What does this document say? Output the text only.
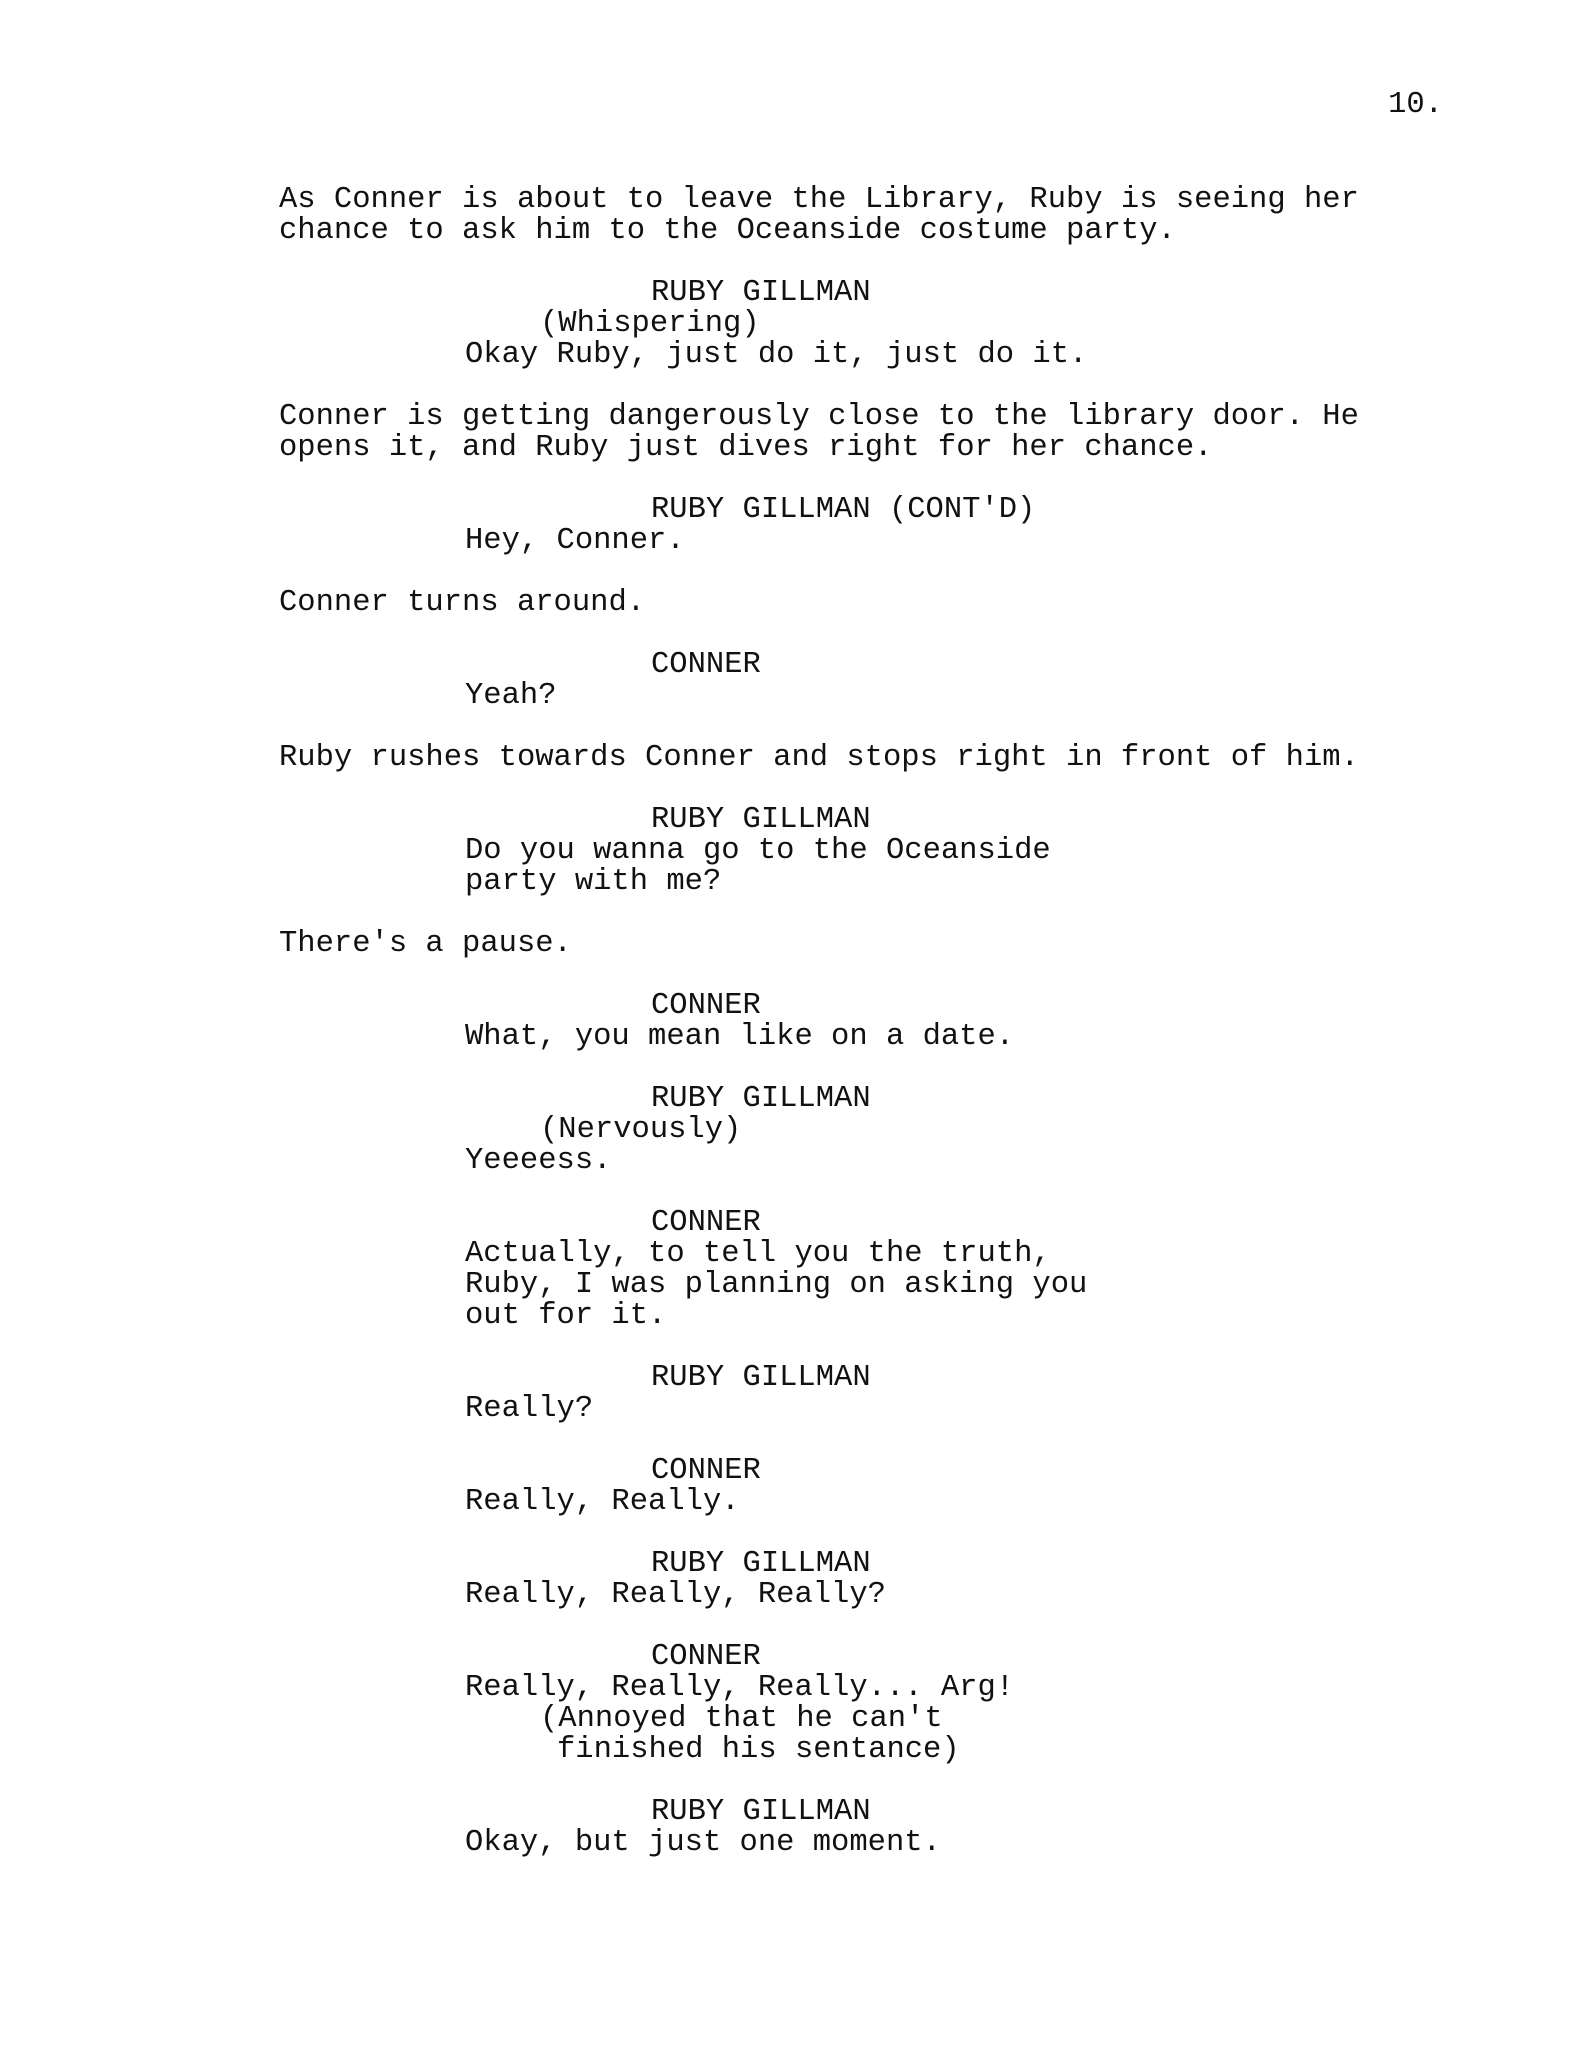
10.
As Conner is about to leave the Library, Ruby is seeing her
chance to ask him to the Oceanside costume party.
RUBY GILLMAN
(Whispering)
Okay Ruby, just do it, just do it.
Conner is getting dangerously close to the library door. He
opens it, and Ruby just dives right for her chance.
RUBY GILLMAN (CONT'D)
Hey, Conner.
Conner turns around.
CONNER
Yeah?
Ruby rushes towards Conner and stops right in front of him.
RUBY GILLMAN
Do you wanna go to the Oceanside
party with me?
There's a pause.
CONNER
What, you mean like on a date.
RUBY GILLMAN
(Nervously)
Yeeeess.
CONNER
Actually, to tell you the truth,
Ruby, I was planning on asking you
out for it.
RUBY GILLMAN
Really?
CONNER
Really, Really.
RUBY GILLMAN
Really, Really, Really?
CONNER
Really, Really, Really... Arg!
(Annoyed that he can't
finished his sentance)
RUBY GILLMAN
Okay, but just one moment.
